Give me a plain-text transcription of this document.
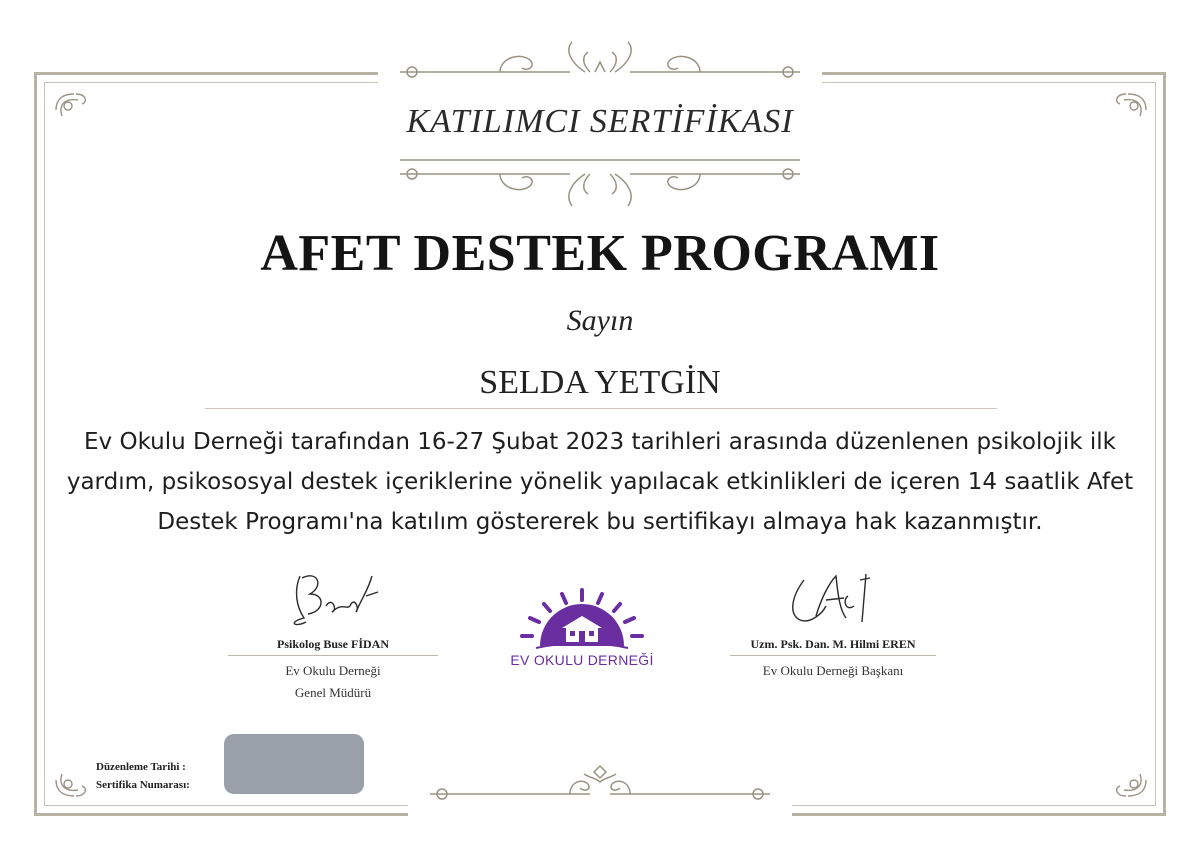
KATILIMCI SERTİFİKASI
AFET DESTEK PROGRAMI
Sayın
SELDA YETGİN
Ev Okulu Derneği tarafından 16-27 Şubat 2023 tarihleri arasında düzenlenen psikolojik ilk yardım, psikososyal destek içeriklerine yönelik yapılacak etkinlikleri de içeren 14 saatlik Afet Destek Programı'na katılım göstererek bu sertifikayı almaya hak kazanmıştır.
Psikolog Buse FİDAN
Ev Okulu Derneği
Genel Müdürü
EV OKULU DERNEĞİ
Uzm. Psk. Dan. M. Hilmi EREN
Ev Okulu Derneği Başkanı
Düzenleme Tarihi :
Sertifika Numarası:
